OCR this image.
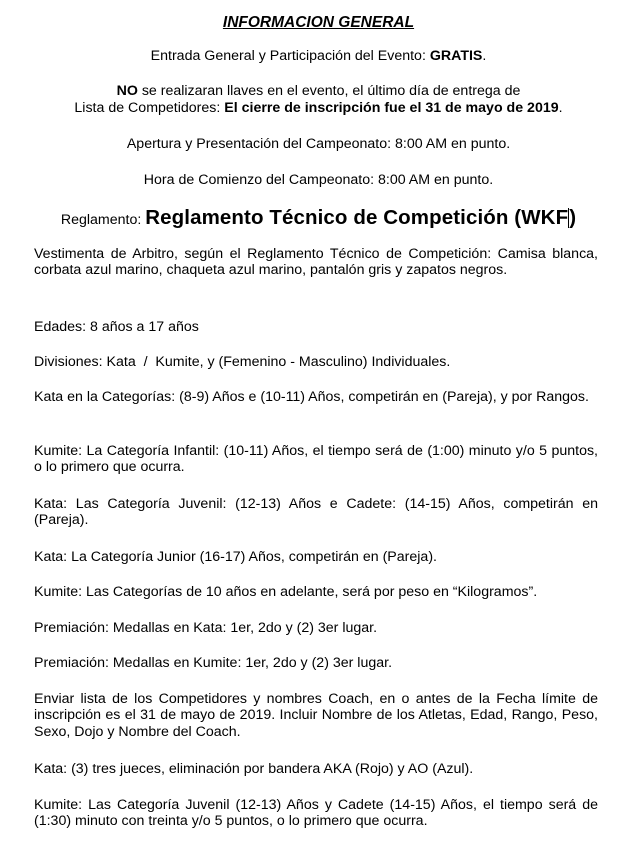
INFORMACION GENERAL
Entrada General y Participación del Evento: GRATIS.
NO se realizaran llaves en el evento, el último día de entrega de
Lista de Competidores: El cierre de inscripción fue el 31 de mayo de 2019.
Apertura y Presentación del Campeonato: 8:00 AM en punto.
Hora de Comienzo del Campeonato: 8:00 AM en punto.
Reglamento: Reglamento Técnico de Competición (WKF)
Vestimenta de Arbitro, según el Reglamento Técnico de Competición: Camisa blanca, corbata azul marino, chaqueta azul marino, pantalón gris y zapatos negros.
Edades: 8 años a 17 años
Divisiones: Kata  /  Kumite, y (Femenino - Masculino) Individuales.
Kata en la Categorías: (8-9) Años e (10-11) Años, competirán en (Pareja), y por Rangos.
Kumite: La Categoría Infantil: (10-11) Años, el tiempo será de (1:00) minuto y/o 5 puntos, o lo primero que ocurra.
Kata: Las Categoría Juvenil: (12-13) Años e Cadete: (14-15) Años, competirán en (Pareja).
Kata: La Categoría Junior (16-17) Años, competirán en (Pareja).
Kumite: Las Categorías de 10 años en adelante, será por peso en “Kilogramos”.
Premiación: Medallas en Kata: 1er, 2do y (2) 3er lugar.
Premiación: Medallas en Kumite: 1er, 2do y (2) 3er lugar.
Enviar lista de los Competidores y nombres Coach, en o antes de la Fecha límite de inscripción es el 31 de mayo de 2019. Incluir Nombre de los Atletas, Edad, Rango, Peso, Sexo, Dojo y Nombre del Coach.
Kata: (3) tres jueces, eliminación por bandera AKA (Rojo) y AO (Azul).
Kumite: Las Categoría Juvenil (12-13) Años y Cadete (14-15) Años, el tiempo será de (1:30) minuto con treinta y/o 5 puntos, o lo primero que ocurra.
